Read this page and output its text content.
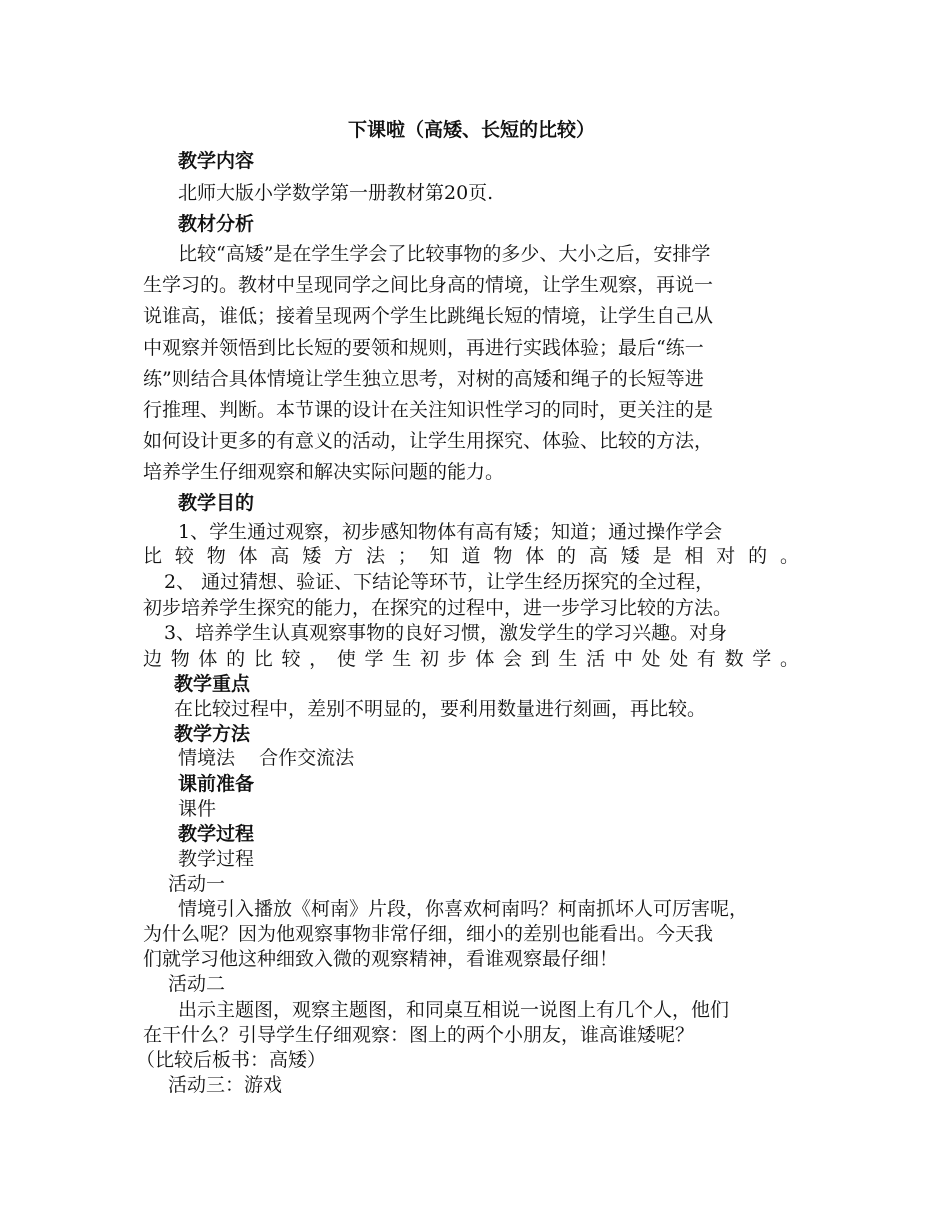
下课啦（高矮、长短的比较）
教学内容
北师大版小学数学第一册教材第20页.
教材分析
比较“高矮”是在学生学会了比较事物的多少、大小之后，安排学
生学习的。教材中呈现同学之间比身高的情境，让学生观察，再说一
说谁高，谁低；接着呈现两个学生比跳绳长短的情境，让学生自己从
中观察并领悟到比长短的要领和规则，再进行实践体验；最后“练一
练”则结合具体情境让学生独立思考，对树的高矮和绳子的长短等进
行推理、判断。本节课的设计在关注知识性学习的同时，更关注的是
如何设计更多的有意义的活动，让学生用探究、体验、比较的方法，
培养学生仔细观察和解决实际问题的能力。
教学目的
1、学生通过观察，初步感知物体有高有矮；知道；通过操作学会
比较物体高矮方法；知道物体的高矮是相对的。
2、 通过猜想、验证、下结论等环节，让学生经历探究的全过程，
初步培养学生探究的能力，在探究的过程中，进一步学习比较的方法。
3、培养学生认真观察事物的良好习惯，激发学生的学习兴趣。对身
边物体的比较，使学生初步体会到生活中处处有数学。
教学重点
在比较过程中，差别不明显的，要利用数量进行刻画，再比较。
教学方法
情境法    合作交流法
课前准备
课件
教学过程
教学过程
活动一
情境引入播放《柯南》片段，你喜欢柯南吗？柯南抓坏人可厉害呢，
为什么呢？因为他观察事物非常仔细，细小的差别也能看出。今天我
们就学习他这种细致入微的观察精神，看谁观察最仔细！
活动二
出示主题图，观察主题图，和同桌互相说一说图上有几个人，他们
在干什么？引导学生仔细观察：图上的两个小朋友，谁高谁矮呢？
（比较后板书：高矮）
活动三：游戏
